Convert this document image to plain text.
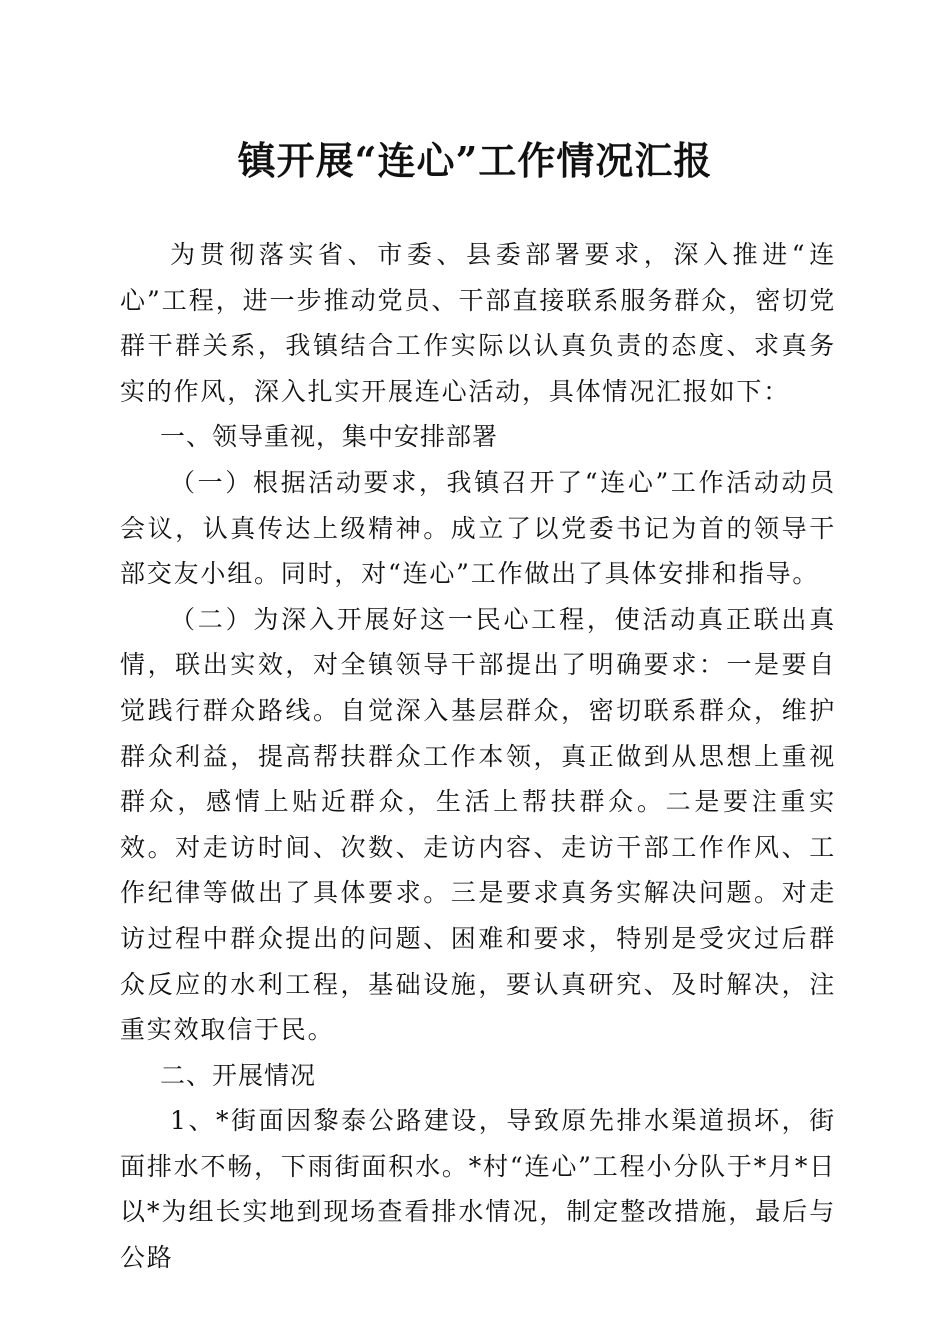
镇开展“连心”工作情况汇报

为贯彻落实省、市委、县委部署要求，深入推进“连心”工程，进一步推动党员、干部直接联系服务群众，密切党群干群关系，我镇结合工作实际以认真负责的态度、求真务实的作风，深入扎实开展连心活动，具体情况汇报如下：

一、领导重视，集中安排部署

（一）根据活动要求，我镇召开了“连心”工作活动动员会议，认真传达上级精神。成立了以党委书记为首的领导干部交友小组。同时，对“连心”工作做出了具体安排和指导。

（二）为深入开展好这一民心工程，使活动真正联出真情，联出实效，对全镇领导干部提出了明确要求：一是要自觉践行群众路线。自觉深入基层群众，密切联系群众，维护群众利益，提高帮扶群众工作本领，真正做到从思想上重视群众，感情上贴近群众，生活上帮扶群众。二是要注重实效。对走访时间、次数、走访内容、走访干部工作作风、工作纪律等做出了具体要求。三是要求真务实解决问题。对走访过程中群众提出的问题、困难和要求，特别是受灾过后群众反应的水利工程，基础设施，要认真研究、及时解决，注重实效取信于民。

二、开展情况

1、*街面因黎泰公路建设，导致原先排水渠道损坏，街面排水不畅，下雨街面积水。*村“连心”工程小分队于*月*日以*为组长实地到现场查看排水情况，制定整改措施，最后与公路
